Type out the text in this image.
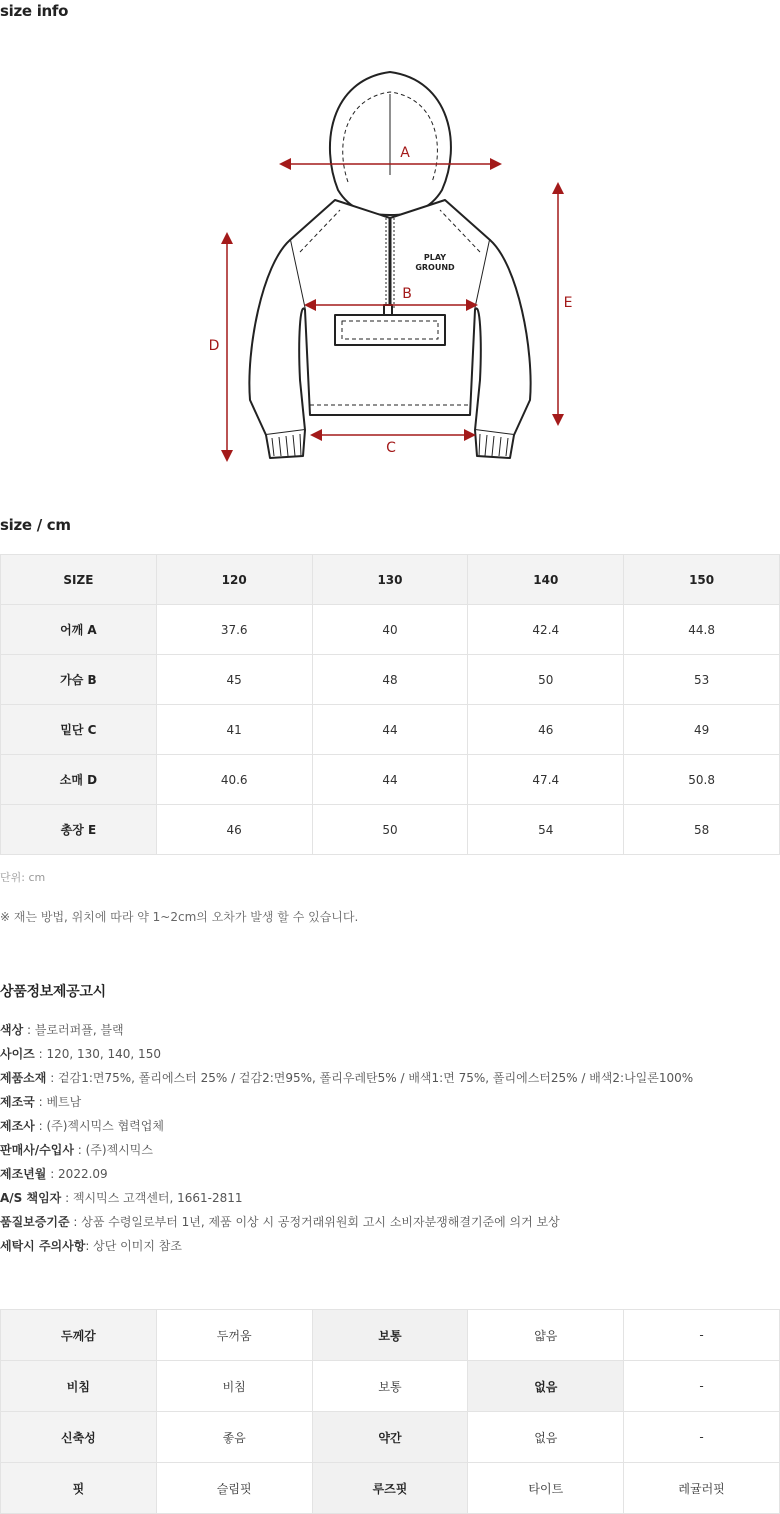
size info
PLAY
GROUND
A
B
C
D
E
size / cm
SIZE	120	130	140	150
어깨 A	37.6	40	42.4	44.8
가슴 B	45	48	50	53
밑단 C	41	44	46	49
소매 D	40.6	44	47.4	50.8
총장 E	46	50	54	58
단위: cm
※ 재는 방법, 위치에 따라 약 1~2cm의 오차가 발생 할 수 있습니다.
상품정보제공고시
색상 : 블로러퍼플, 블랙
사이즈 : 120, 130, 140, 150
제품소재 : 겉감1:면75%, 폴리에스터 25% / 겉감2:면95%, 폴리우레탄5% / 배색1:면 75%, 폴리에스터25% / 배색2:나일론100%
제조국 : 베트남
제조사 : (주)젝시믹스 협력업체
판매사/수입사 : (주)젝시믹스
제조년월 : 2022.09
A/S 책임자 : 젝시믹스 고객센터, 1661-2811
품질보증기준 : 상품 수령일로부터 1년, 제품 이상 시 공정거래위원회 고시 소비자분쟁해결기준에 의거 보상
세탁시 주의사항: 상단 이미지 참조
두께감	두꺼움	보통	얇음	-
비침	비침	보통	없음	-
신축성	좋음	약간	없음	-
핏	슬림핏	루즈핏	타이트	레귤러핏
